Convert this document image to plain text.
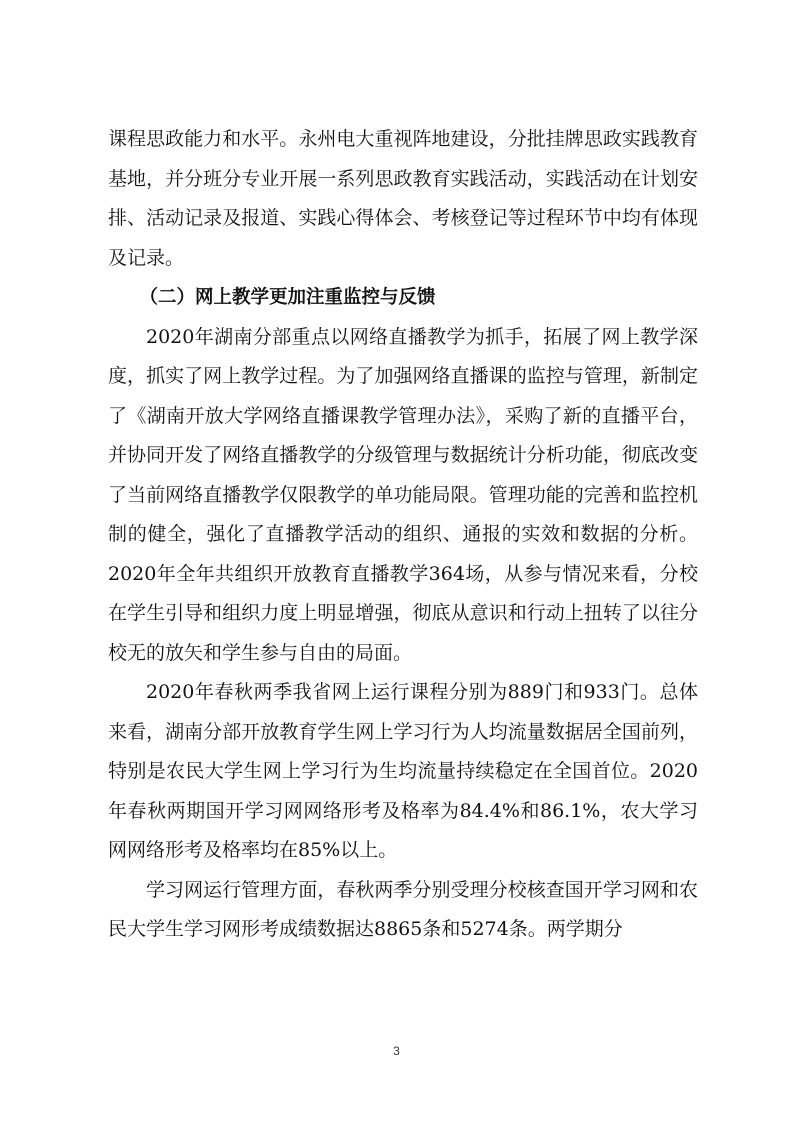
课程思政能力和水平。永州电大重视阵地建设，分批挂牌思政实践教育基地，并分班分专业开展一系列思政教育实践活动，实践活动在计划安排、活动记录及报道、实践心得体会、考核登记等过程环节中均有体现及记录。

（二）网上教学更加注重监控与反馈

2020年湖南分部重点以网络直播教学为抓手，拓展了网上教学深度，抓实了网上教学过程。为了加强网络直播课的监控与管理，新制定了《湖南开放大学网络直播课教学管理办法》，采购了新的直播平台，并协同开发了网络直播教学的分级管理与数据统计分析功能，彻底改变了当前网络直播教学仅限教学的单功能局限。管理功能的完善和监控机制的健全，强化了直播教学活动的组织、通报的实效和数据的分析。2020年全年共组织开放教育直播教学364场，从参与情况来看，分校在学生引导和组织力度上明显增强，彻底从意识和行动上扭转了以往分校无的放矢和学生参与自由的局面。

2020年春秋两季我省网上运行课程分别为889门和933门。总体来看，湖南分部开放教育学生网上学习行为人均流量数据居全国前列，特别是农民大学生网上学习行为生均流量持续稳定在全国首位。2020年春秋两期国开学习网网络形考及格率为84.4%和86.1%，农大学习网网络形考及格率均在85%以上。

学习网运行管理方面，春秋两季分别受理分校核查国开学习网和农民大学生学习网形考成绩数据达8865条和5274条。两学期分

3
